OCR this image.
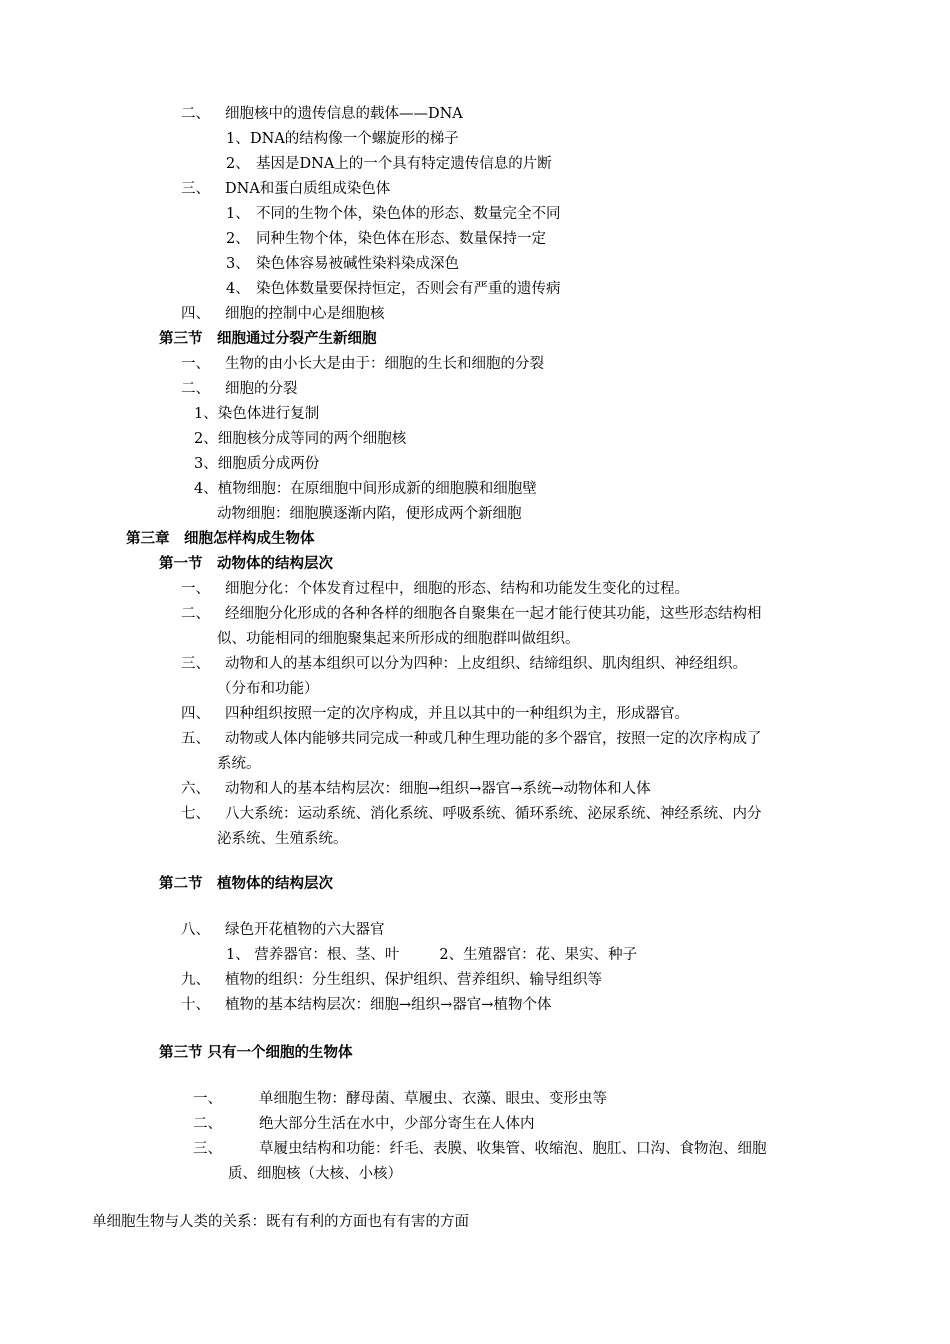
二、 细胞核中的遗传信息的载体——DNA
1、DNA的结构像一个螺旋形的梯子
2、 基因是DNA上的一个具有特定遗传信息的片断
三、 DNA和蛋白质组成染色体
1、 不同的生物个体，染色体的形态、数量完全不同
2、 同种生物个体，染色体在形态、数量保持一定
3、 染色体容易被碱性染料染成深色
4、 染色体数量要保持恒定，否则会有严重的遗传病
四、 细胞的控制中心是细胞核
第三节　细胞通过分裂产生新细胞
一、 生物的由小长大是由于：细胞的生长和细胞的分裂
二、 细胞的分裂
1、染色体进行复制
2、细胞核分成等同的两个细胞核
3、细胞质分成两份
4、植物细胞：在原细胞中间形成新的细胞膜和细胞壁
动物细胞：细胞膜逐渐内陷，便形成两个新细胞
第三章　细胞怎样构成生物体
第一节　动物体的结构层次
一、 细胞分化：个体发育过程中，细胞的形态、结构和功能发生变化的过程。
二、 经细胞分化形成的各种各样的细胞各自聚集在一起才能行使其功能，这些形态结构相
似、功能相同的细胞聚集起来所形成的细胞群叫做组织。
三、 动物和人的基本组织可以分为四种：上皮组织、结缔组织、肌肉组织、神经组织。
（分布和功能）
四、 四种组织按照一定的次序构成，并且以其中的一种组织为主，形成器官。
五、 动物或人体内能够共同完成一种或几种生理功能的多个器官，按照一定的次序构成了
系统。
六、 动物和人的基本结构层次：细胞→组织→器官→系统→动物体和人体
七、 八大系统：运动系统、消化系统、呼吸系统、循环系统、泌尿系统、神经系统、内分
泌系统、生殖系统。
第二节　植物体的结构层次
八、 绿色开花植物的六大器官
1、 营养器官：根、茎、叶	2、生殖器官：花、果实、种子
九、 植物的组织：分生组织、保护组织、营养组织、输导组织等
十、 植物的基本结构层次：细胞→组织→器官→植物个体
第三节 只有一个细胞的生物体
一、	单细胞生物：酵母菌、草履虫、衣藻、眼虫、变形虫等
二、	绝大部分生活在水中，少部分寄生在人体内
三、	草履虫结构和功能：纤毛、表膜、收集管、收缩泡、胞肛、口沟、食物泡、细胞
质、细胞核（大核、小核）
单细胞生物与人类的关系：既有有利的方面也有有害的方面
